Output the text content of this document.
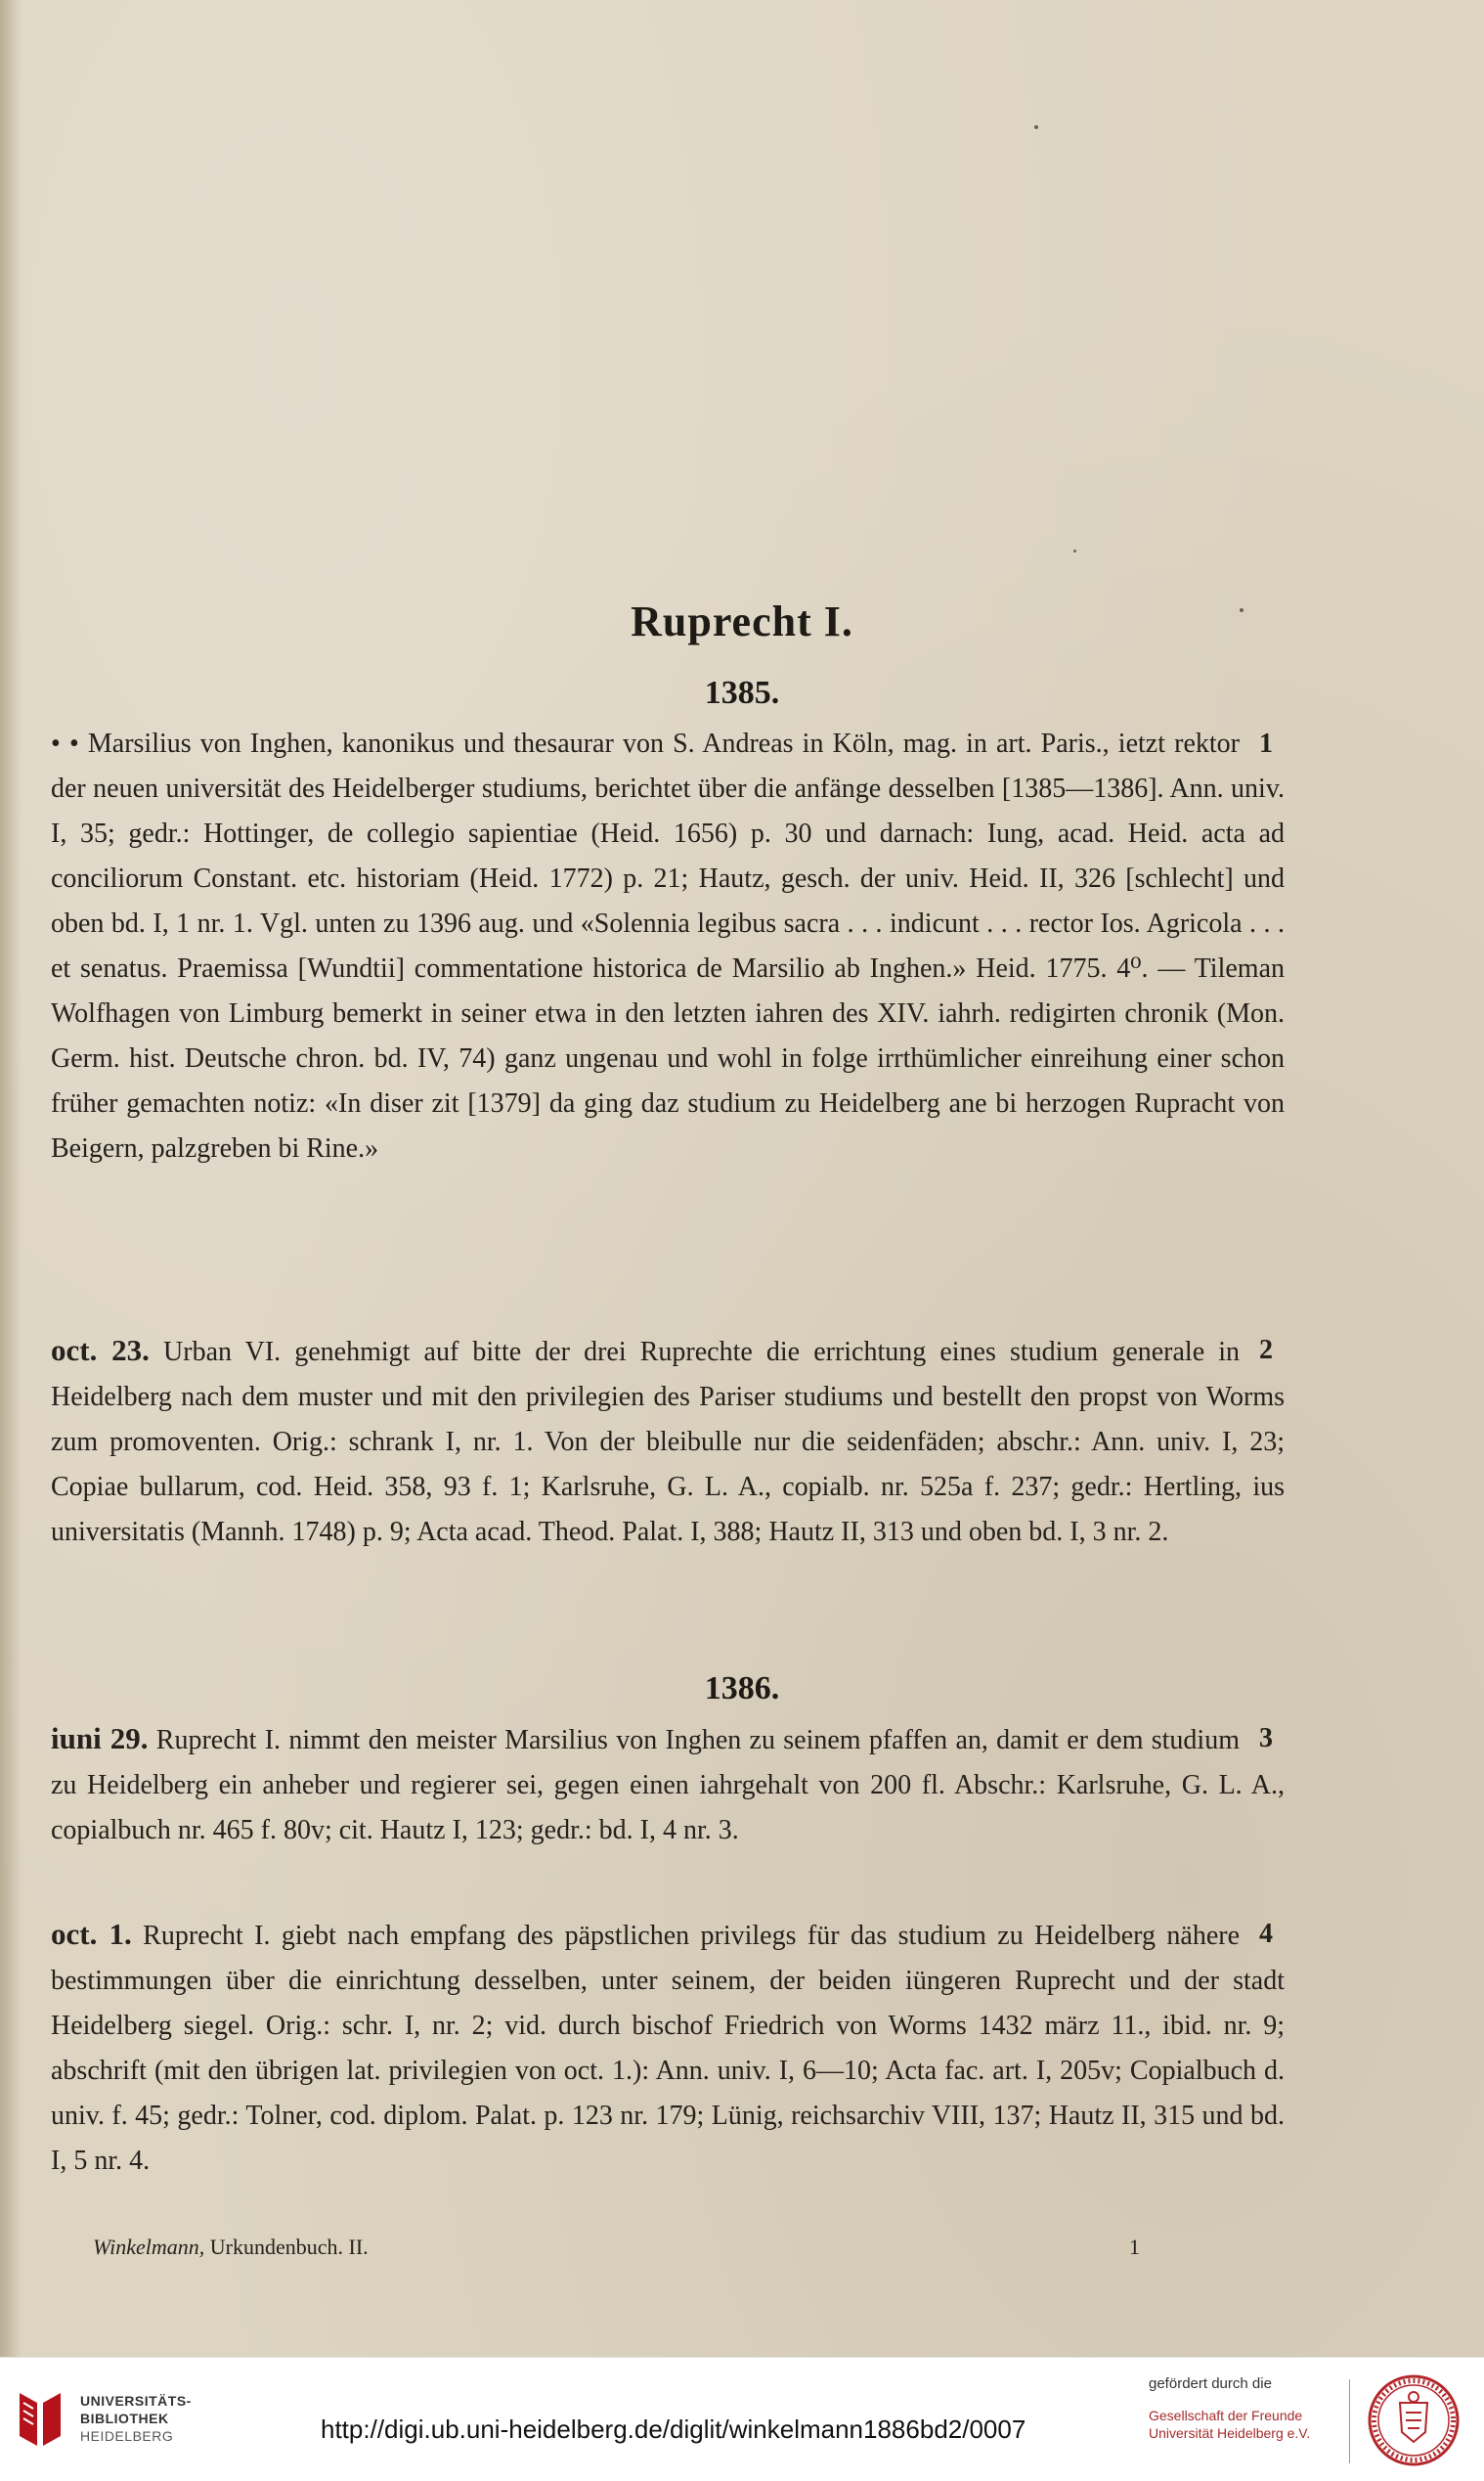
Ruprecht I.
1385.
1
• • Marsilius von Inghen, kanonikus und thesaurar von S. Andreas in Köln, mag. in art. Paris., ietzt rektor der neuen universität des Heidelberger studiums, berichtet über die anfänge desselben [1385—1386]. Ann. univ. I, 35; gedr.: Hottinger, de collegio sapientiae (Heid. 1656) p. 30 und darnach: Iung, acad. Heid. acta ad conciliorum Constant. etc. historiam (Heid. 1772) p. 21; Hautz, gesch. der univ. Heid. II, 326 [schlecht] und oben bd. I, 1 nr. 1. Vgl. unten zu 1396 aug. und «Solennia legibus sacra . . . indicunt . . . rector Ios. Agricola . . . et senatus. Praemissa [Wundtii] commentatione historica de Marsilio ab Inghen.» Heid. 1775. 4⁰. — Tileman Wolfhagen von Limburg bemerkt in seiner etwa in den letzten iahren des XIV. iahrh. redigirten chronik (Mon. Germ. hist. Deutsche chron. bd. IV, 74) ganz ungenau und wohl in folge irrthümlicher einreihung einer schon früher gemachten notiz: «In diser zit [1379] da ging daz studium zu Heidelberg ane bi herzogen Rupracht von Beigern, palzgreben bi Rine.»
2
oct. 23. Urban VI. genehmigt auf bitte der drei Ruprechte die errichtung eines studium generale in Heidelberg nach dem muster und mit den privilegien des Pariser studiums und bestellt den propst von Worms zum promoventen. Orig.: schrank I, nr. 1. Von der bleibulle nur die seidenfäden; abschr.: Ann. univ. I, 23; Copiae bullarum, cod. Heid. 358, 93 f. 1; Karlsruhe, G. L. A., copialb. nr. 525a f. 237; gedr.: Hertling, ius universitatis (Mannh. 1748) p. 9; Acta acad. Theod. Palat. I, 388; Hautz II, 313 und oben bd. I, 3 nr. 2.
1386.
3
iuni 29. Ruprecht I. nimmt den meister Marsilius von Inghen zu seinem pfaffen an, damit er dem studium zu Heidelberg ein anheber und regierer sei, gegen einen iahrgehalt von 200 fl. Abschr.: Karlsruhe, G. L. A., copialbuch nr. 465 f. 80v; cit. Hautz I, 123; gedr.: bd. I, 4 nr. 3.
4
oct. 1. Ruprecht I. giebt nach empfang des päpstlichen privilegs für das studium zu Heidelberg nähere bestimmungen über die einrichtung desselben, unter seinem, der beiden iüngeren Ruprecht und der stadt Heidelberg siegel. Orig.: schr. I, nr. 2; vid. durch bischof Friedrich von Worms 1432 märz 11., ibid. nr. 9; abschrift (mit den übrigen lat. privilegien von oct. 1.): Ann. univ. I, 6—10; Acta fac. art. I, 205v; Copialbuch d. univ. f. 45; gedr.: Tolner, cod. diplom. Palat. p. 123 nr. 179; Lünig, reichsarchiv VIII, 137; Hautz II, 315 und bd. I, 5 nr. 4.
Winkelmann, Urkundenbuch. II.	1
UNIVERSITÄTS-
BIBLIOTHEK
HEIDELBERG	http://digi.ub.uni-heidelberg.de/diglit/winkelmann1886bd2/0007
gefördert durch die
Gesellschaft der Freunde
Universität Heidelberg e.V.
